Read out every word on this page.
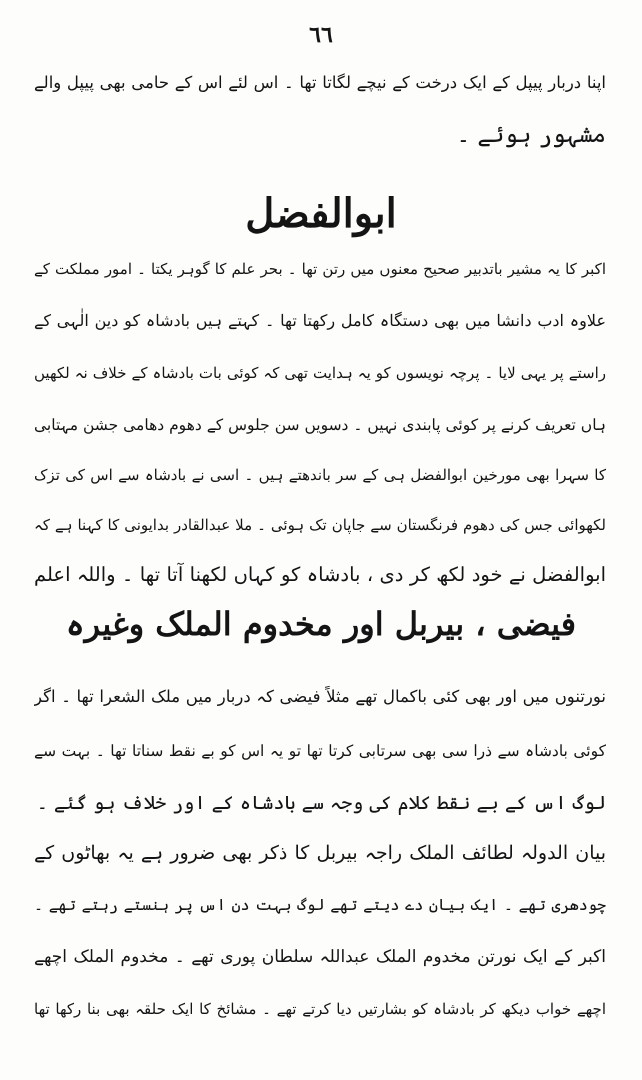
٦٦
اپنا دربار پیپل کے ایک درخت کے نیچے لگاتا تھا ۔ اس لئے اس کے حامی بھی پیپل والے
مشہور ہوئے ۔
ابوالفضل
اکبر کا یہ مشیر باتدبیر صحیح معنوں میں رتن تھا ۔ بحر علم کا گوہر یکتا ۔ امور مملکت کے
علاوہ ادب دانشا میں بھی دستگاہ کامل رکھتا تھا ۔ کہتے ہیں بادشاہ کو دین الٰہی کے
راستے پر یہی لایا ۔ پرچہ نویسوں کو یہ ہدایت تھی کہ کوئی بات بادشاہ کے خلاف نہ لکھیں
ہاں تعریف کرنے پر کوئی پابندی نہیں ۔ دسویں سن جلوس کے دھوم دھامی جشن مہتابی
کا سہرا بھی مورخین ابوالفضل ہی کے سر باندھتے ہیں ۔ اسی نے بادشاہ سے اس کی تزک
لکھوائی جس کی دھوم فرنگستان سے جاپان تک ہوئی ۔ ملا عبدالقادر بدایونی کا کہنا ہے کہ
ابوالفضل نے خود لکھ کر دی ، بادشاہ کو کہاں لکھنا آتا تھا ۔ واللہ اعلم
فیضی ، بیربل اور مخدوم الملک وغیرہ
نورتنوں میں اور بھی کئی باکمال تھے مثلاً فیضی کہ دربار میں ملک الشعرا تھا ۔ اگر
کوئی بادشاہ سے ذرا سی بھی سرتابی کرتا تھا تو یہ اس کو بے نقط سناتا تھا ۔ بہت سے
لوگ اس کے بے نقط کلام کی وجہ سے بادشاہ کے اور خلاف ہو گئے ۔
بیان الدولہ لطائف الملک راجہ بیربل کا ذکر بھی ضرور ہے یہ بھاٹوں کے
چودھری تھے ۔ ایک بیان دے دیتے تھے لوگ بہت دن اس پر ہنستے رہتے تھے ۔
اکبر کے ایک نورتن مخدوم الملک عبداللہ سلطان پوری تھے ۔ مخدوم الملک اچھے
اچھے خواب دیکھ کر بادشاہ کو بشارتیں دیا کرتے تھے ۔ مشائخ کا ایک حلقہ بھی بنا رکھا تھا
